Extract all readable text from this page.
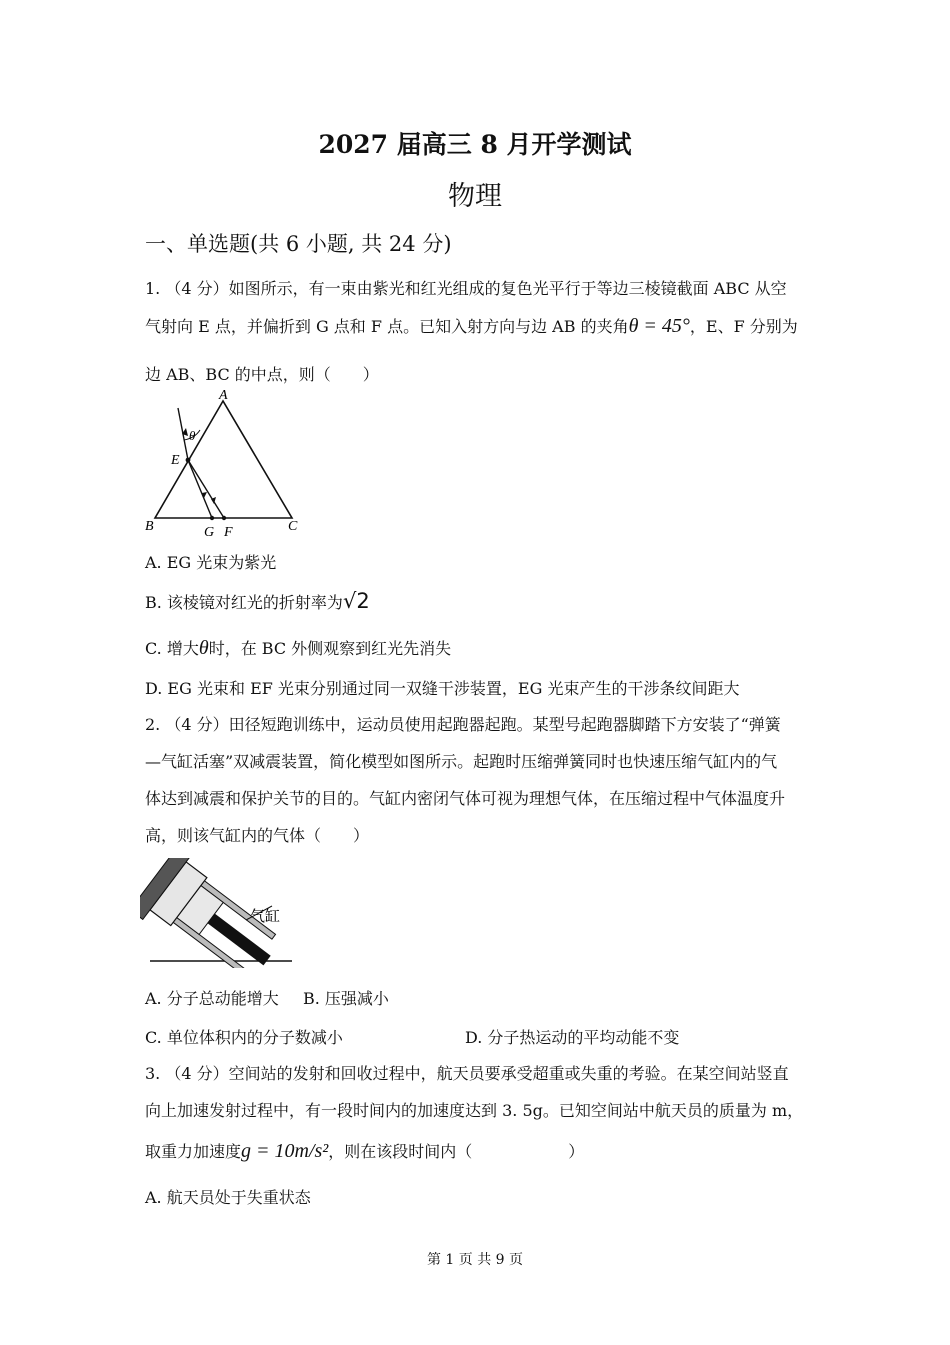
2027 届高三 8 月开学测试
物理
一、单选题(共 6 小题, 共 24 分)
1. （4 分）如图所示，有一束由紫光和红光组成的复色光平行于等边三棱镜截面 ABC 从空
气射向 E 点，并偏折到 G 点和 F 点。已知入射方向与边 AB 的夹角θ = 45°，E、F 分别为
边 AB、BC 的中点，则（　　）
A
B	C
E
G F
θ
A. EG 光束为紫光
B. 该棱镜对红光的折射率为√2
C. 增大θ时，在 BC 外侧观察到红光先消失
D. EG 光束和 EF 光束分别通过同一双缝干涉装置，EG 光束产生的干涉条纹间距大
2. （4 分）田径短跑训练中，运动员使用起跑器起跑。某型号起跑器脚踏下方安装了“弹簧
—气缸活塞”双减震装置，简化模型如图所示。起跑时压缩弹簧同时也快速压缩气缸内的气
体达到减震和保护关节的目的。气缸内密闭气体可视为理想气体，在压缩过程中气体温度升
高，则该气缸内的气体（　　）
气缸
A. 分子总动能增大 B. 压强减小
C. 单位体积内的分子数减小	D. 分子热运动的平均动能不变
3. （4 分）空间站的发射和回收过程中，航天员要承受超重或失重的考验。在某空间站竖直
向上加速发射过程中，有一段时间内的加速度达到 3. 5g。已知空间站中航天员的质量为 m，
取重力加速度g = 10m/s²，则在该段时间内（　　　　　　）
A. 航天员处于失重状态
第 1 页 共 9 页
